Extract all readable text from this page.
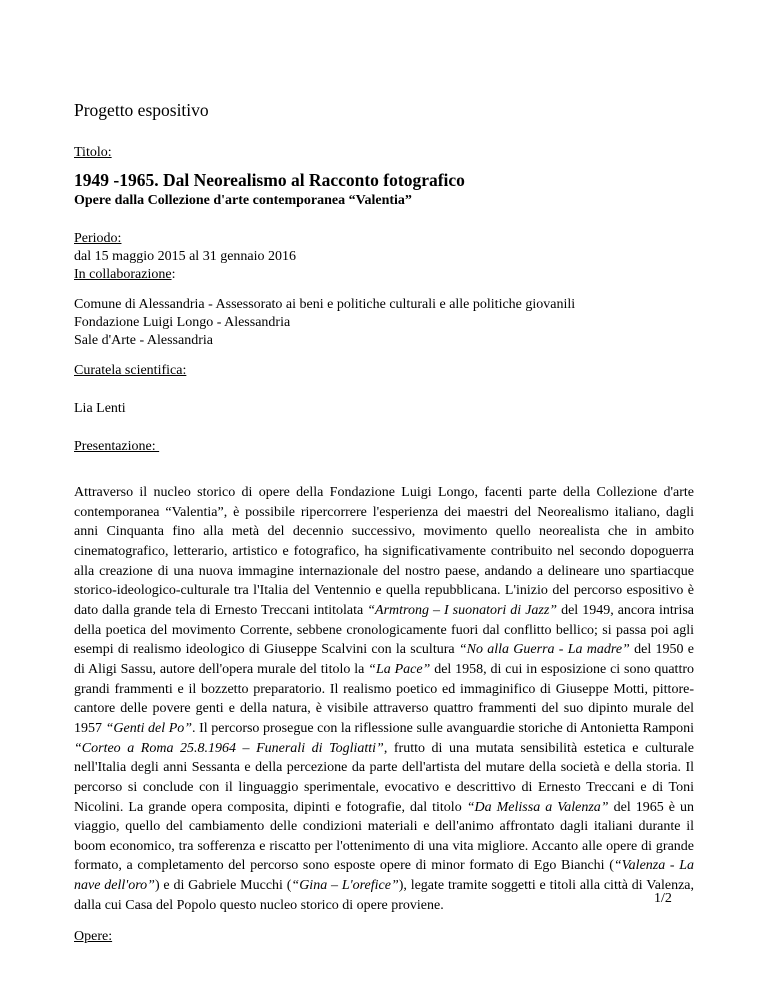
Progetto espositivo
Titolo:
1949 -1965. Dal Neorealismo al Racconto fotografico
Opere dalla Collezione d'arte contemporanea “Valentia”
Periodo:
dal 15 maggio 2015 al 31 gennaio 2016
In collaborazione:
Comune di Alessandria - Assessorato ai beni e politiche culturali e alle politiche giovanili
Fondazione Luigi Longo - Alessandria
Sale d'Arte - Alessandria
Curatela scientifica:
Lia Lenti
Presentazione:
Attraverso il nucleo storico di opere della Fondazione Luigi Longo, facenti parte della Collezione d'arte contemporanea “Valentia”, è possibile ripercorrere l'esperienza dei maestri del Neorealismo italiano, dagli anni Cinquanta fino alla metà del decennio successivo, movimento quello neorealista che in ambito cinematografico, letterario, artistico e fotografico, ha significativamente contribuito nel secondo dopoguerra alla creazione di una nuova immagine internazionale del nostro paese, andando a delineare uno spartiacque storico-ideologico-culturale tra l'Italia del Ventennio e quella repubblicana. L'inizio del percorso espositivo è dato dalla grande tela di Ernesto Treccani intitolata “Armtrong – I suonatori di Jazz” del 1949, ancora intrisa della poetica del movimento Corrente, sebbene cronologicamente fuori dal conflitto bellico; si passa poi agli esempi di realismo ideologico di Giuseppe Scalvini con la scultura “No alla Guerra - La madre” del 1950 e di Aligi Sassu, autore dell'opera murale del titolo la “La Pace” del 1958, di cui in esposizione ci sono quattro grandi frammenti e il bozzetto preparatorio. Il realismo poetico ed immaginifico di Giuseppe Motti, pittore-cantore delle povere genti e della natura, è visibile attraverso quattro frammenti del suo dipinto murale del 1957 “Genti del Po”. Il percorso prosegue con la riflessione sulle avanguardie storiche di Antonietta Ramponi “Corteo a Roma 25.8.1964 – Funerali di Togliatti”, frutto di una mutata sensibilità estetica e culturale nell'Italia degli anni Sessanta e della percezione da parte dell'artista del mutare della società e della storia. Il percorso si conclude con il linguaggio sperimentale, evocativo e descrittivo di Ernesto Treccani e di Toni Nicolini. La grande opera composita, dipinti e fotografie, dal titolo “Da Melissa a Valenza” del 1965 è un viaggio, quello del cambiamento delle condizioni materiali e dell'animo affrontato dagli italiani durante il boom economico, tra sofferenza e riscatto per l'ottenimento di una vita migliore. Accanto alle opere di grande formato, a completamento del percorso sono esposte opere di minor formato di Ego Bianchi (“Valenza - La nave dell'oro”) e di Gabriele Mucchi (“Gina – L'orefice”), legate tramite soggetti e titoli alla città di Valenza, dalla cui Casa del Popolo questo nucleo storico di opere proviene.	1/2
Opere:
